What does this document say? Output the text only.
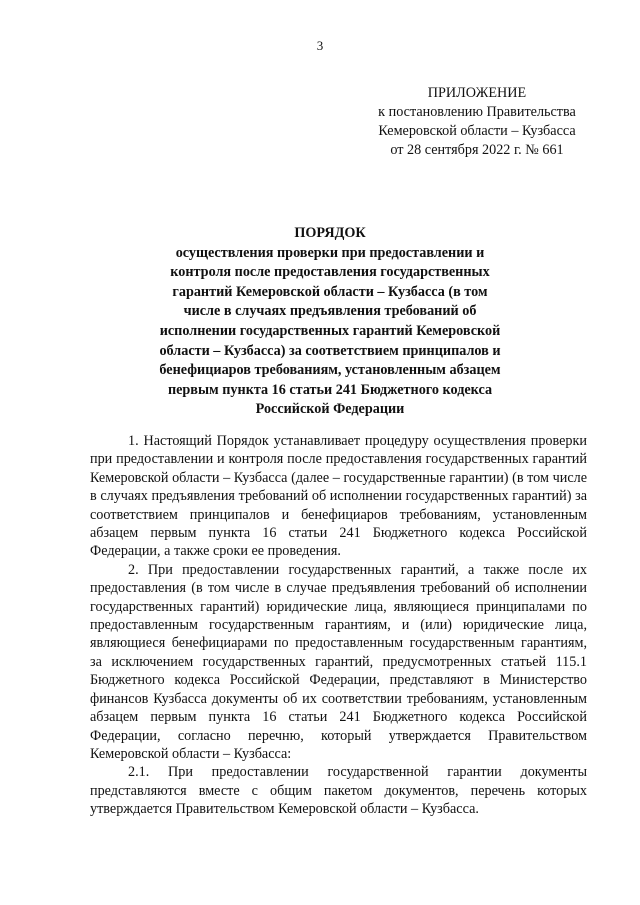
3
ПРИЛОЖЕНИЕ
к постановлению Правительства
Кемеровской области – Кузбасса
от 28 сентября 2022 г. № 661
ПОРЯДОК
осуществления проверки при предоставлении и
контроля после предоставления государственных
гарантий Кемеровской области – Кузбасса (в том
числе в случаях предъявления требований об
исполнении государственных гарантий Кемеровской
области – Кузбасса) за соответствием принципалов и
бенефициаров требованиям, установленным абзацем
первым пункта 16 статьи 241 Бюджетного кодекса
Российской Федерации

1. Настоящий Порядок устанавливает процедуру осуществления проверки при предоставлении и контроля после предоставления государственных гарантий Кемеровской области – Кузбасса (далее – государственные гарантии) (в том числе в случаях предъявления требований об исполнении государственных гарантий) за соответствием принципалов и бенефициаров требованиям, установленным абзацем первым пункта 16 статьи 241 Бюджетного кодекса Российской Федерации, а также сроки ее проведения.

2. При предоставлении государственных гарантий, а также после их предоставления (в том числе в случае предъявления требований об исполнении государственных гарантий) юридические лица, являющиеся принципалами по предоставленным государственным гарантиям, и (или) юридические лица, являющиеся бенефициарами по предоставленным государственным гарантиям, за исключением государственных гарантий, предусмотренных статьей 115.1 Бюджетного кодекса Российской Федерации, представляют в Министерство финансов Кузбасса документы об их соответствии требованиям, установленным абзацем первым пункта 16 статьи 241 Бюджетного кодекса Российской Федерации, согласно перечню, который утверждается Правительством Кемеровской области – Кузбасса:

2.1. При предоставлении государственной гарантии документы представляются вместе с общим пакетом документов, перечень которых утверждается Правительством Кемеровской области – Кузбасса.
